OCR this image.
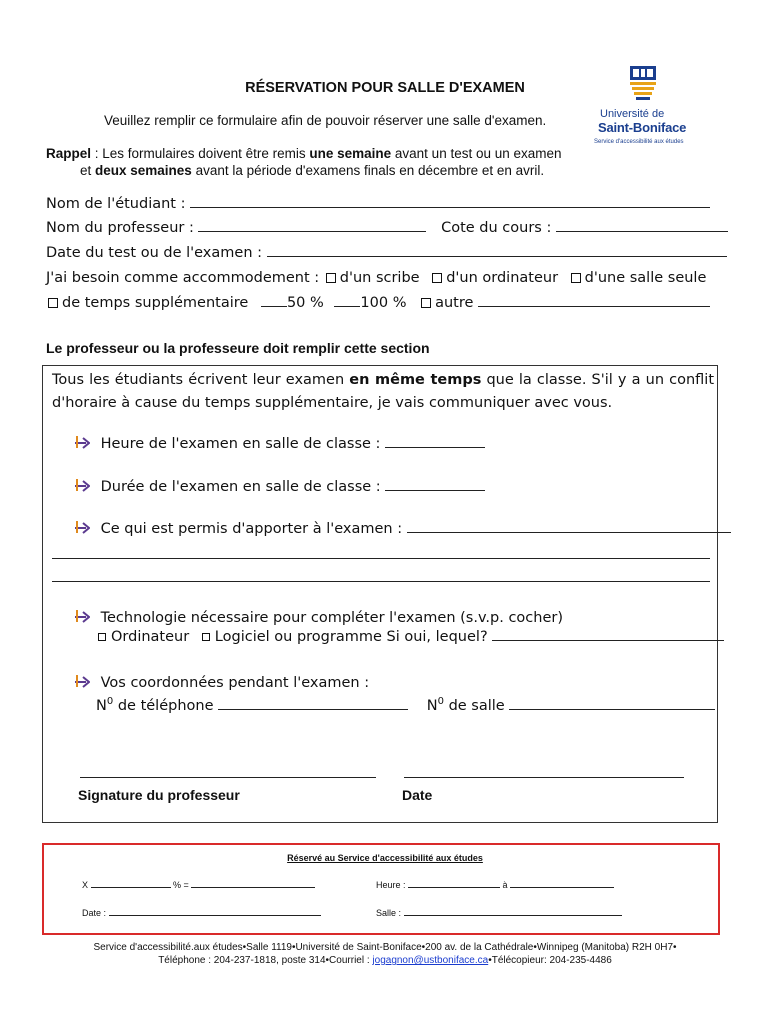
RÉSERVATION POUR SALLE D'EXAMEN
Veuillez remplir ce formulaire afin de pouvoir réserver une salle d'examen.
Rappel : Les formulaires doivent être remis une semaine avant un test ou un examen
et deux semaines avant la période d'examens finals en décembre et en avril.
Université de
Saint-Boniface
Service d'accessibilité aux études
Nom de l'étudiant :
Nom du professeur :	Cote du cours :
Date du test ou de l'examen :
J'ai besoin comme accommodement : d'un scribe d'un ordinateur d'une salle seule
de temps supplémentaire	50 %	100 % autre
Le professeur ou la professeure doit remplir cette section
Tous les étudiants écrivent leur examen en même temps que la classe. S'il y a un conflit d'horaire à cause du temps supplémentaire, je vais communiquer avec vous.
Heure de l'examen en salle de classe :
Durée de l'examen en salle de classe :
Ce qui est permis d'apporter à l'examen :
Technologie nécessaire pour compléter l'examen (s.v.p. cocher)
Ordinateur Logiciel ou programme Si oui, lequel?
Vos coordonnées pendant l'examen :
$N^0$ de téléphone	$N^0$ de salle
Signature du professeur	Date
Réservé au Service d'accessibilité aux études
X	% =	Heure :	à
Date :	Salle :
Service d'accessibilité.aux études•Salle 1119•Université de Saint-Boniface•200 av. de la Cathédrale•Winnipeg (Manitoba) R2H 0H7•
Téléphone : 204-237-1818, poste 314•Courriel : jogagnon@ustboniface.ca•Télécopieur: 204-235-4486
